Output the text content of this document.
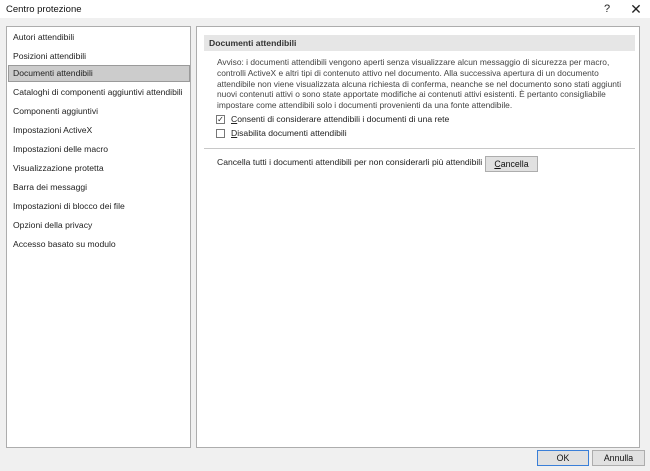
Centro protezione	? ✕
Autori attendibili
Posizioni attendibili
Documenti attendibili
Cataloghi di componenti aggiuntivi attendibili
Componenti aggiuntivi
Impostazioni ActiveX
Impostazioni delle macro
Visualizzazione protetta
Barra dei messaggi
Impostazioni di blocco dei file
Opzioni della privacy
Accesso basato su modulo
Documenti attendibili
Avviso: i documenti attendibili vengono aperti senza visualizzare alcun messaggio di sicurezza per macro, controlli ActiveX e altri tipi di contenuto attivo nel documento. Alla successiva apertura di un documento attendibile non viene visualizzata alcuna richiesta di conferma, neanche se nel documento sono stati aggiunti nuovi contenuti attivi o sono state apportate modifiche ai contenuti attivi esistenti. È pertanto consigliabile impostare come attendibili solo i documenti provenienti da una fonte attendibile.
✓ Consenti di considerare attendibili i documenti di una rete
Disabilita documenti attendibili
Cancella tutti i documenti attendibili per non considerarli più attendibili	Cancella
OK	Annulla
